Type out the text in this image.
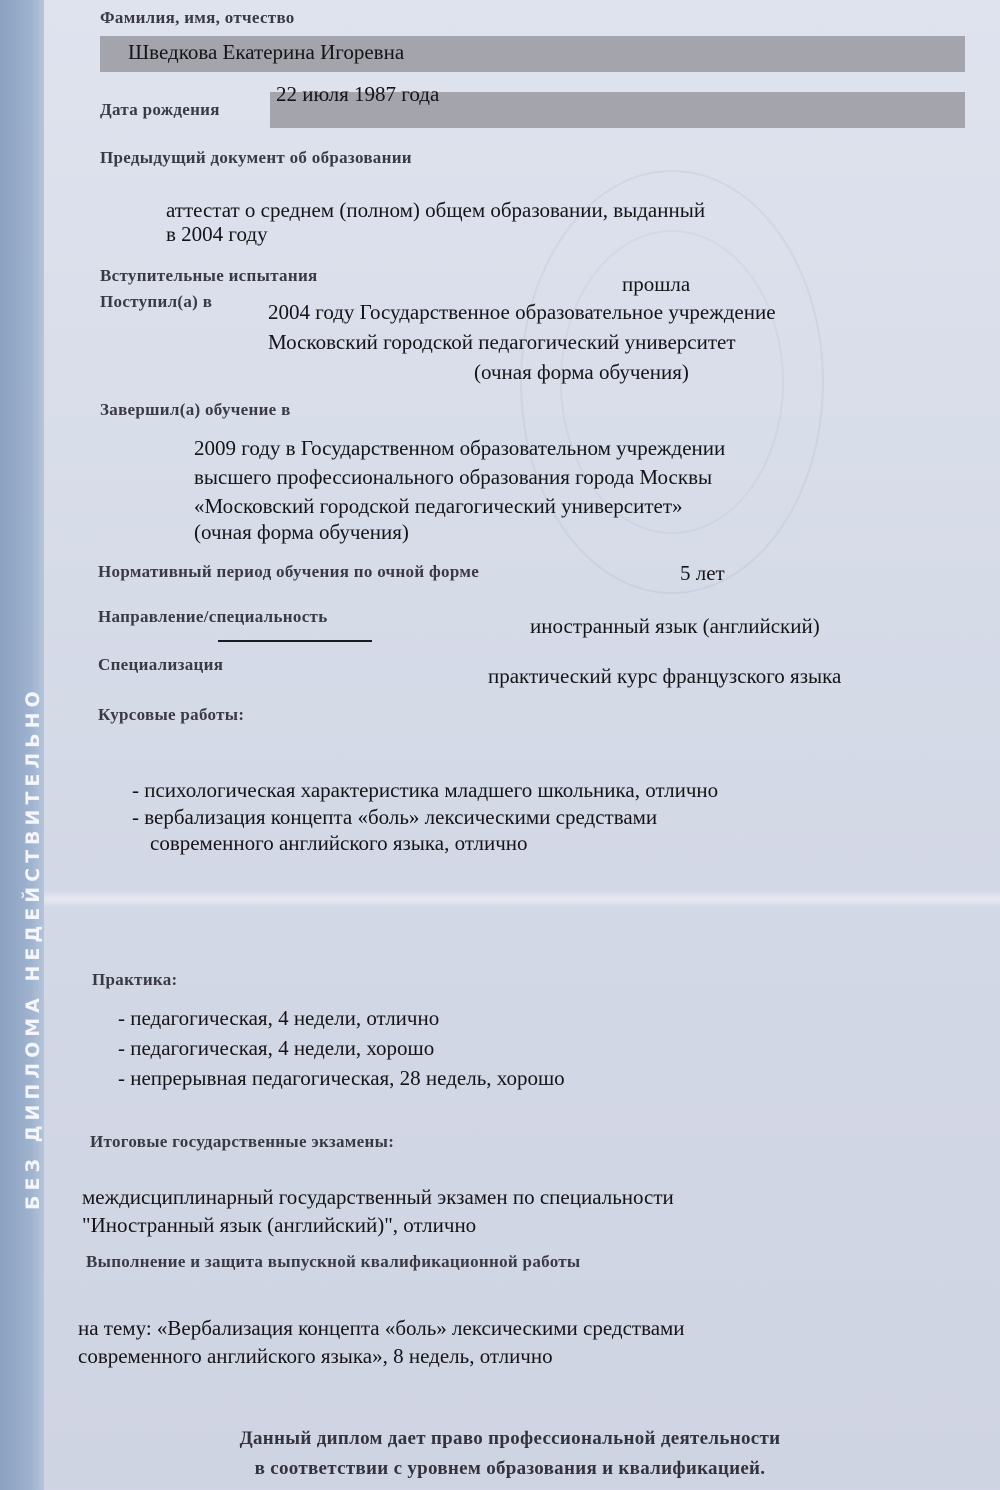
БЕЗ ДИПЛОМА НЕДЕЙСТВИТЕЛЬНО
Фамилия, имя, отчество
Шведкова Екатерина Игоревна
Дата рождения
22 июля 1987 года
Предыдущий документ об образовании
аттестат о среднем (полном) общем образовании, выданный
в 2004 году
Вступительные испытания	прошла
Поступил(а) в	2004 году Государственное образовательное учреждение
Московский городской педагогический университет
(очная форма обучения)
Завершил(а) обучение в
2009 году в Государственном образовательном учреждении
высшего профессионального образования города Москвы
«Московский городской педагогический университет»
(очная форма обучения)
Нормативный период обучения по очной форме	5 лет
Направление/специальность	иностранный язык (английский)
Специализация	практический курс французского языка
Курсовые работы:
- психологическая характеристика младшего школьника, отлично
- вербализация концепта «боль» лексическими средствами
современного английского языка, отлично
Практика:
- педагогическая, 4 недели, отлично
- педагогическая, 4 недели, хорошо
- непрерывная педагогическая, 28 недель, хорошо
Итоговые государственные экзамены:
междисциплинарный государственный экзамен по специальности
"Иностранный язык (английский)", отлично
Выполнение и защита выпускной квалификационной работы
на тему: «Вербализация концепта «боль» лексическими средствами
современного английского языка», 8 недель, отлично
Данный диплом дает право профессиональной деятельности
в соответствии с уровнем образования и квалификацией.
